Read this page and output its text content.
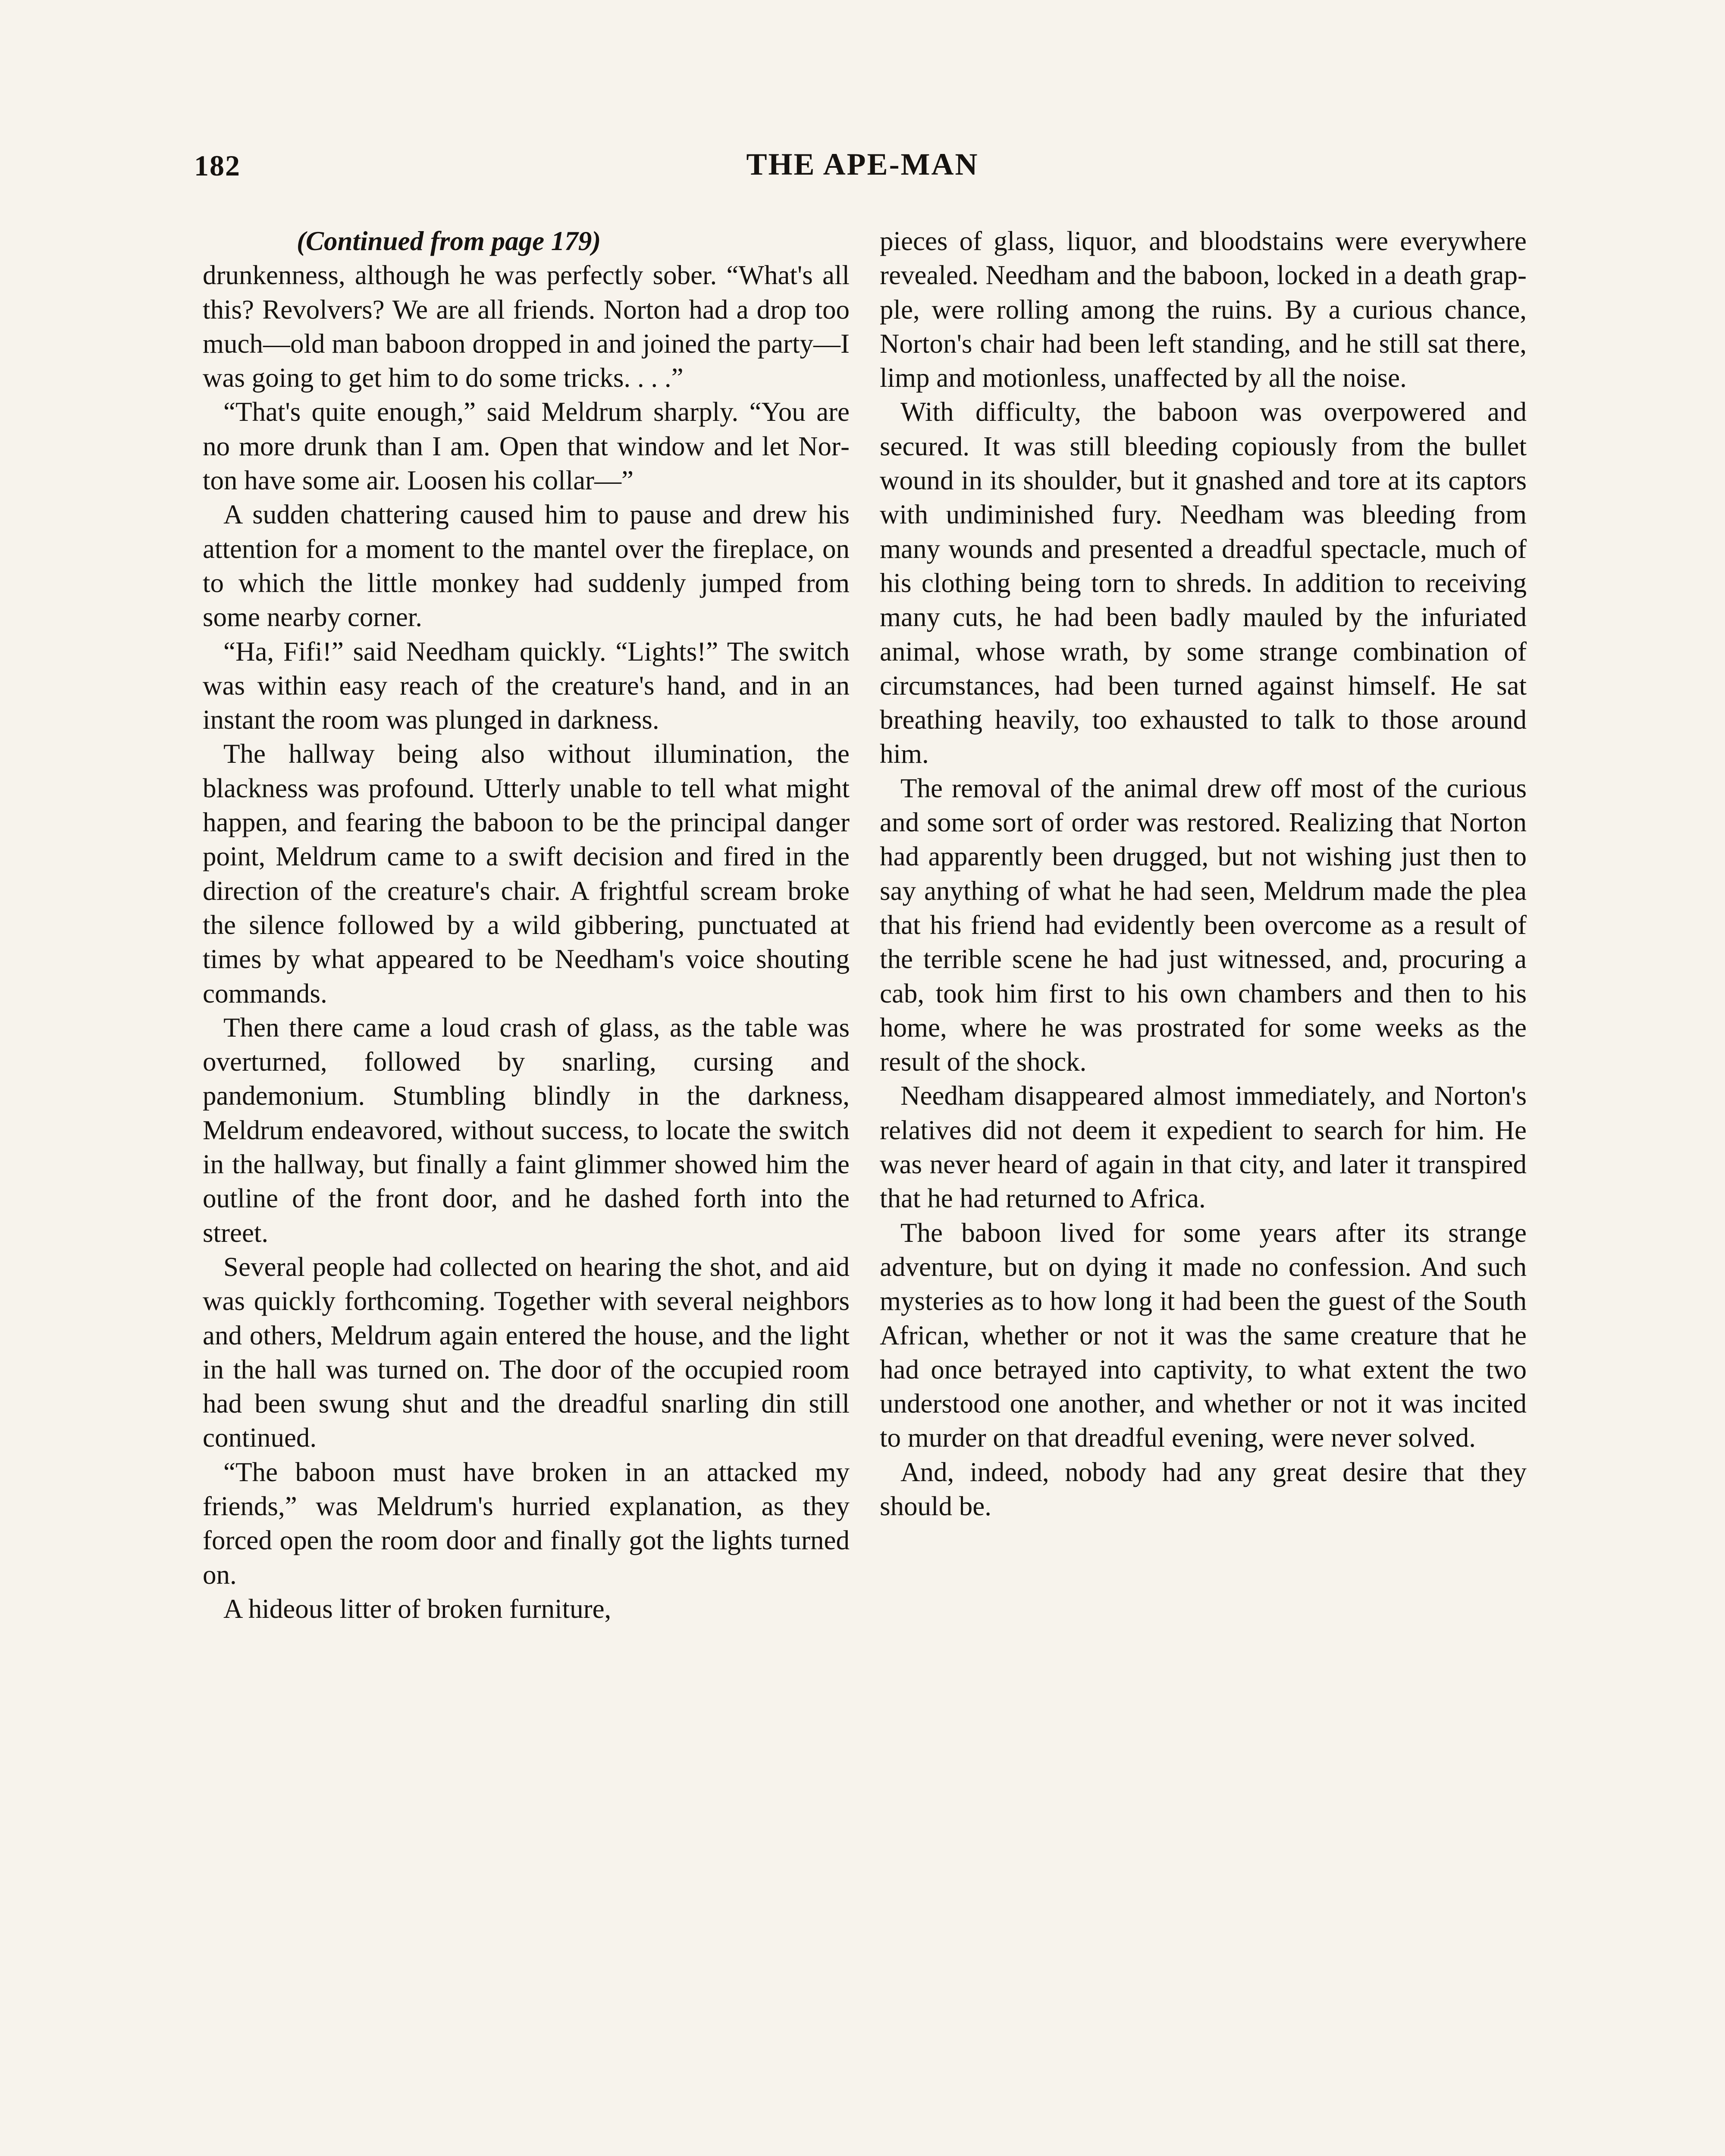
182	THE APE-MAN

(Continued from page 179)

drunkenness, although he was perfectly sober. “What's all this? Revolvers? We are all friends. Norton had a drop too much—old man baboon dropped in and joined the party—I was going to get him to do some tricks. . . .”

“That's quite enough,” said Meldrum sharply. “You are no more drunk than I am. Open that window and let Norton have some air. Loosen his collar—”

A sudden chattering caused him to pause and drew his attention for a moment to the mantel over the fireplace, on to which the little monkey had suddenly jumped from some nearby corner.

“Ha, Fifi!” said Needham quickly. “Lights!” The switch was within easy reach of the creature's hand, and in an instant the room was plunged in darkness.

The hallway being also without illumination, the blackness was profound. Utterly unable to tell what might happen, and fearing the baboon to be the principal danger point, Meldrum came to a swift decision and fired in the direction of the creature's chair. A frightful scream broke the silence followed by a wild gibbering, punctuated at times by what appeared to be Needham's voice shouting commands.

Then there came a loud crash of glass, as the table was overturned, followed by snarling, cursing and pandemonium. Stumbling blindly in the darkness, Meldrum endeavored, without success, to locate the switch in the hallway, but finally a faint glimmer showed him the outline of the front door, and he dashed forth into the street.

Several people had collected on hearing the shot, and aid was quickly forthcoming. Together with several neighbors and others, Meldrum again entered the house, and the light in the hall was turned on. The door of the occupied room had been swung shut and the dreadful snarling din still continued.

“The baboon must have broken in an attacked my friends,” was Meldrum's hurried explanation, as they forced open the room door and finally got the lights turned on.

A hideous litter of broken furniture,

pieces of glass, liquor, and bloodstains were everywhere revealed. Needham and the baboon, locked in a death grapple, were rolling among the ruins. By a curious chance, Norton's chair had been left standing, and he still sat there, limp and motionless, unaffected by all the noise.

With difficulty, the baboon was overpowered and secured. It was still bleeding copiously from the bullet wound in its shoulder, but it gnashed and tore at its captors with undiminished fury. Needham was bleeding from many wounds and presented a dreadful spectacle, much of his clothing being torn to shreds. In addition to receiving many cuts, he had been badly mauled by the infuriated animal, whose wrath, by some strange combination of circumstances, had been turned against himself. He sat breathing heavily, too exhausted to talk to those around him.

The removal of the animal drew off most of the curious and some sort of order was restored. Realizing that Norton had apparently been drugged, but not wishing just then to say anything of what he had seen, Meldrum made the plea that his friend had evidently been overcome as a result of the terrible scene he had just witnessed, and, procuring a cab, took him first to his own chambers and then to his home, where he was prostrated for some weeks as the result of the shock.

Needham disappeared almost immediately, and Norton's relatives did not deem it expedient to search for him. He was never heard of again in that city, and later it transpired that he had returned to Africa.

The baboon lived for some years after its strange adventure, but on dying it made no confession. And such mysteries as to how long it had been the guest of the South African, whether or not it was the same creature that he had once betrayed into captivity, to what extent the two understood one another, and whether or not it was incited to murder on that dreadful evening, were never solved.

And, indeed, nobody had any great desire that they should be.
